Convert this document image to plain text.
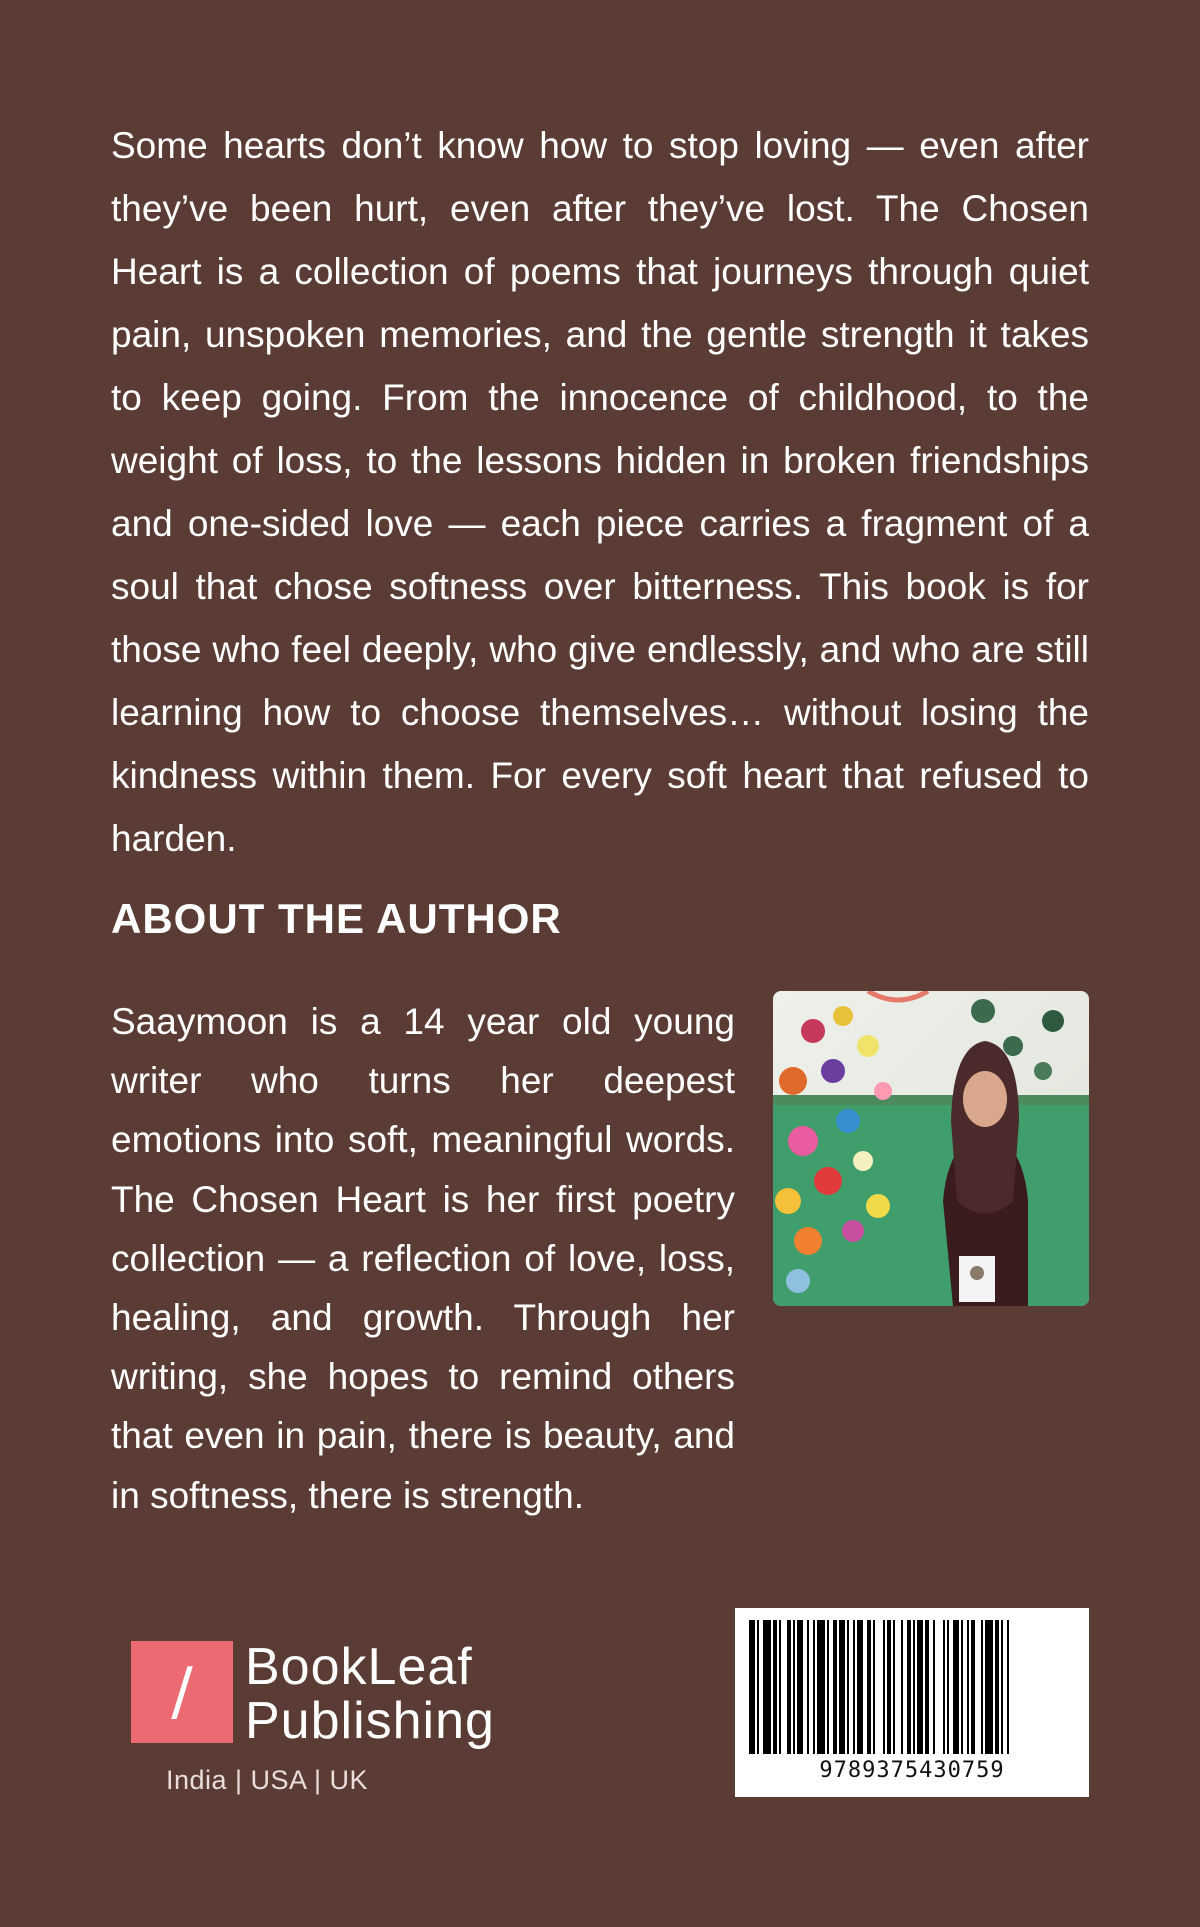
Some hearts don’t know how to stop loving — even after they’ve been hurt, even after they’ve lost. The Chosen Heart is a collection of poems that journeys through quiet pain, unspoken memories, and the gentle strength it takes to keep going. From the innocence of childhood, to the weight of loss, to the lessons hidden in broken friendships and one-sided love — each piece carries a fragment of a soul that chose softness over bitterness. This book is for those who feel deeply, who give endlessly, and who are still learning how to choose themselves… without losing the kindness within them. For every soft heart that refused to harden.

ABOUT THE AUTHOR

Saaymoon is a 14 year old young writer who turns her deepest emotions into soft, meaningful words. The Chosen Heart is her first poetry collection — a reflection of love, loss, healing, and growth. Through her writing, she hopes to remind others that even in pain, there is beauty, and in softness, there is strength.

/	BookLeaf
Publishing
India | USA | UK	9789375430759
